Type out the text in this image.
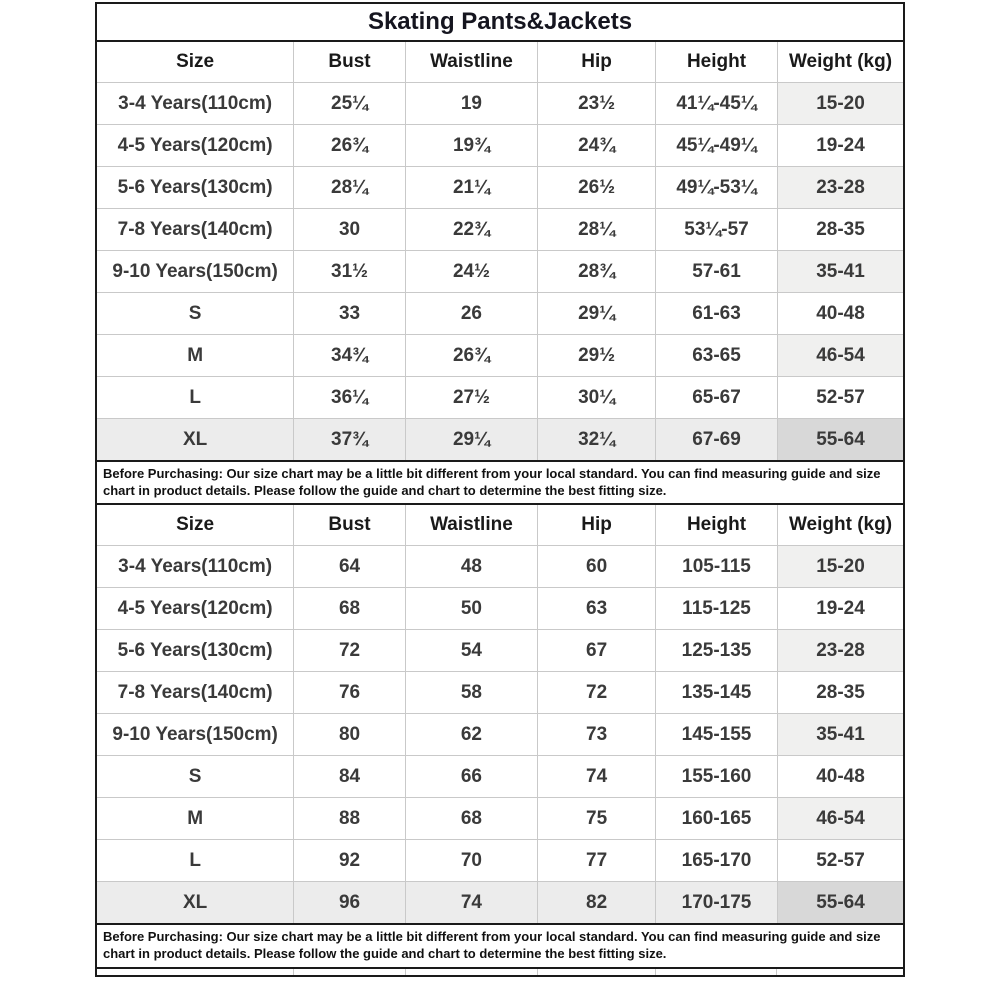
Skating Pants&Jackets
Size	Bust	Waistline	Hip	Height	Weight (kg)
3-4 Years(110cm)	25¼	19	23½	41¼-45¼	15-20
4-5 Years(120cm)	26¾	19¾	24¾	45¼-49¼	19-24
5-6 Years(130cm)	28¼	21¼	26½	49¼-53¼	23-28
7-8 Years(140cm)	30	22¾	28¼	53¼-57	28-35
9-10 Years(150cm)	31½	24½	28¾	57-61	35-41
S	33	26	29¼	61-63	40-48
M	34¾	26¾	29½	63-65	46-54
L	36¼	27½	30¼	65-67	52-57
XL	37¾	29¼	32¼	67-69	55-64
Before Purchasing: Our size chart may be a little bit different from your local standard. You can find measuring guide and size chart in product details. Please follow the guide and chart to determine the best fitting size.
Size	Bust	Waistline	Hip	Height	Weight (kg)
3-4 Years(110cm)	64	48	60	105-115	15-20
4-5 Years(120cm)	68	50	63	115-125	19-24
5-6 Years(130cm)	72	54	67	125-135	23-28
7-8 Years(140cm)	76	58	72	135-145	28-35
9-10 Years(150cm)	80	62	73	145-155	35-41
S	84	66	74	155-160	40-48
M	88	68	75	160-165	46-54
L	92	70	77	165-170	52-57
XL	96	74	82	170-175	55-64
Before Purchasing: Our size chart may be a little bit different from your local standard. You can find measuring guide and size chart in product details. Please follow the guide and chart to determine the best fitting size.
